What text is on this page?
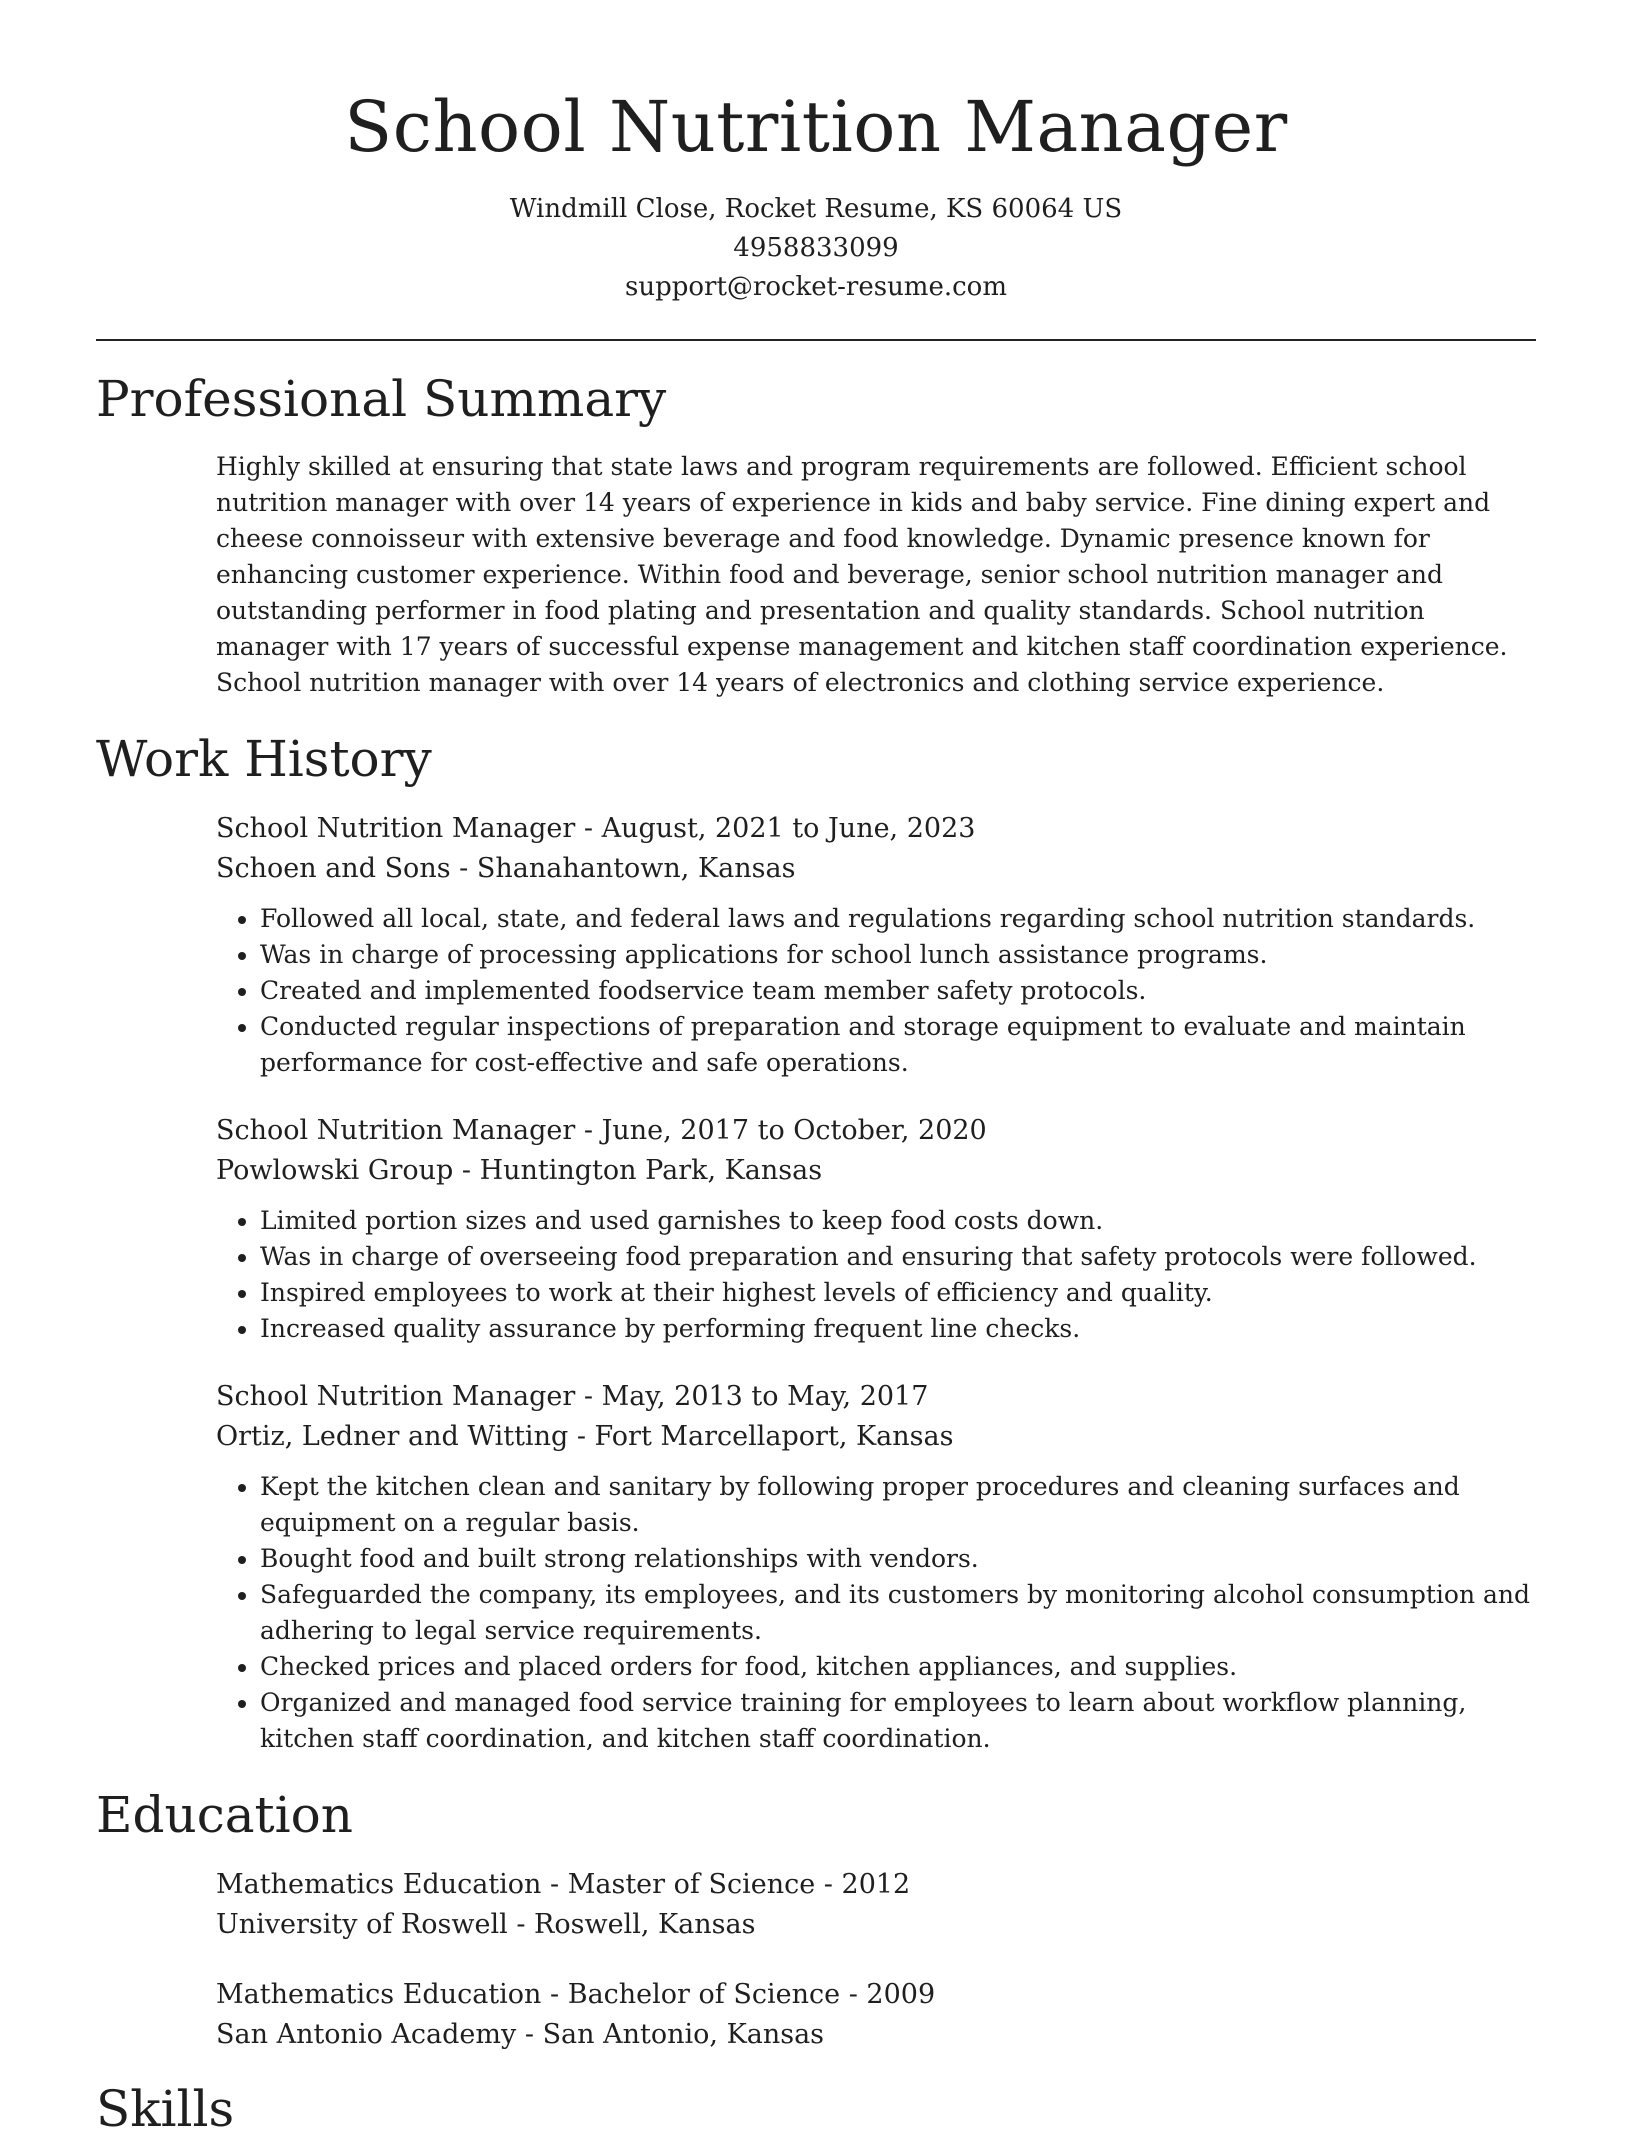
School Nutrition Manager
Windmill Close, Rocket Resume, KS 60064 US
4958833099
support@rocket-resume.com
Professional Summary

Highly skilled at ensuring that state laws and program requirements are followed. Efficient school nutrition manager with over 14 years of experience in kids and baby service. Fine dining expert and cheese connoisseur with extensive beverage and food knowledge. Dynamic presence known for enhancing customer experience. Within food and beverage, senior school nutrition manager and outstanding performer in food plating and presentation and quality standards. School nutrition manager with 17 years of successful expense management and kitchen staff coordination experience. School nutrition manager with over 14 years of electronics and clothing service experience.

Work History
School Nutrition Manager - August, 2021 to June, 2023
Schoen and Sons - Shanahantown, Kansas
• Followed all local, state, and federal laws and regulations regarding school nutrition standards.
• Was in charge of processing applications for school lunch assistance programs.
• Created and implemented foodservice team member safety protocols.
• Conducted regular inspections of preparation and storage equipment to evaluate and maintain performance for cost-effective and safe operations.
School Nutrition Manager - June, 2017 to October, 2020
Powlowski Group - Huntington Park, Kansas
• Limited portion sizes and used garnishes to keep food costs down.
• Was in charge of overseeing food preparation and ensuring that safety protocols were followed.
• Inspired employees to work at their highest levels of efficiency and quality.
• Increased quality assurance by performing frequent line checks.
School Nutrition Manager - May, 2013 to May, 2017
Ortiz, Ledner and Witting - Fort Marcellaport, Kansas
• Kept the kitchen clean and sanitary by following proper procedures and cleaning surfaces and equipment on a regular basis.
• Bought food and built strong relationships with vendors.
• Safeguarded the company, its employees, and its customers by monitoring alcohol consumption and adhering to legal service requirements.
• Checked prices and placed orders for food, kitchen appliances, and supplies.
• Organized and managed food service training for employees to learn about workflow planning, kitchen staff coordination, and kitchen staff coordination.
Education
Mathematics Education - Master of Science - 2012
University of Roswell - Roswell, Kansas
Mathematics Education - Bachelor of Science - 2009
San Antonio Academy - San Antonio, Kansas
Skills
